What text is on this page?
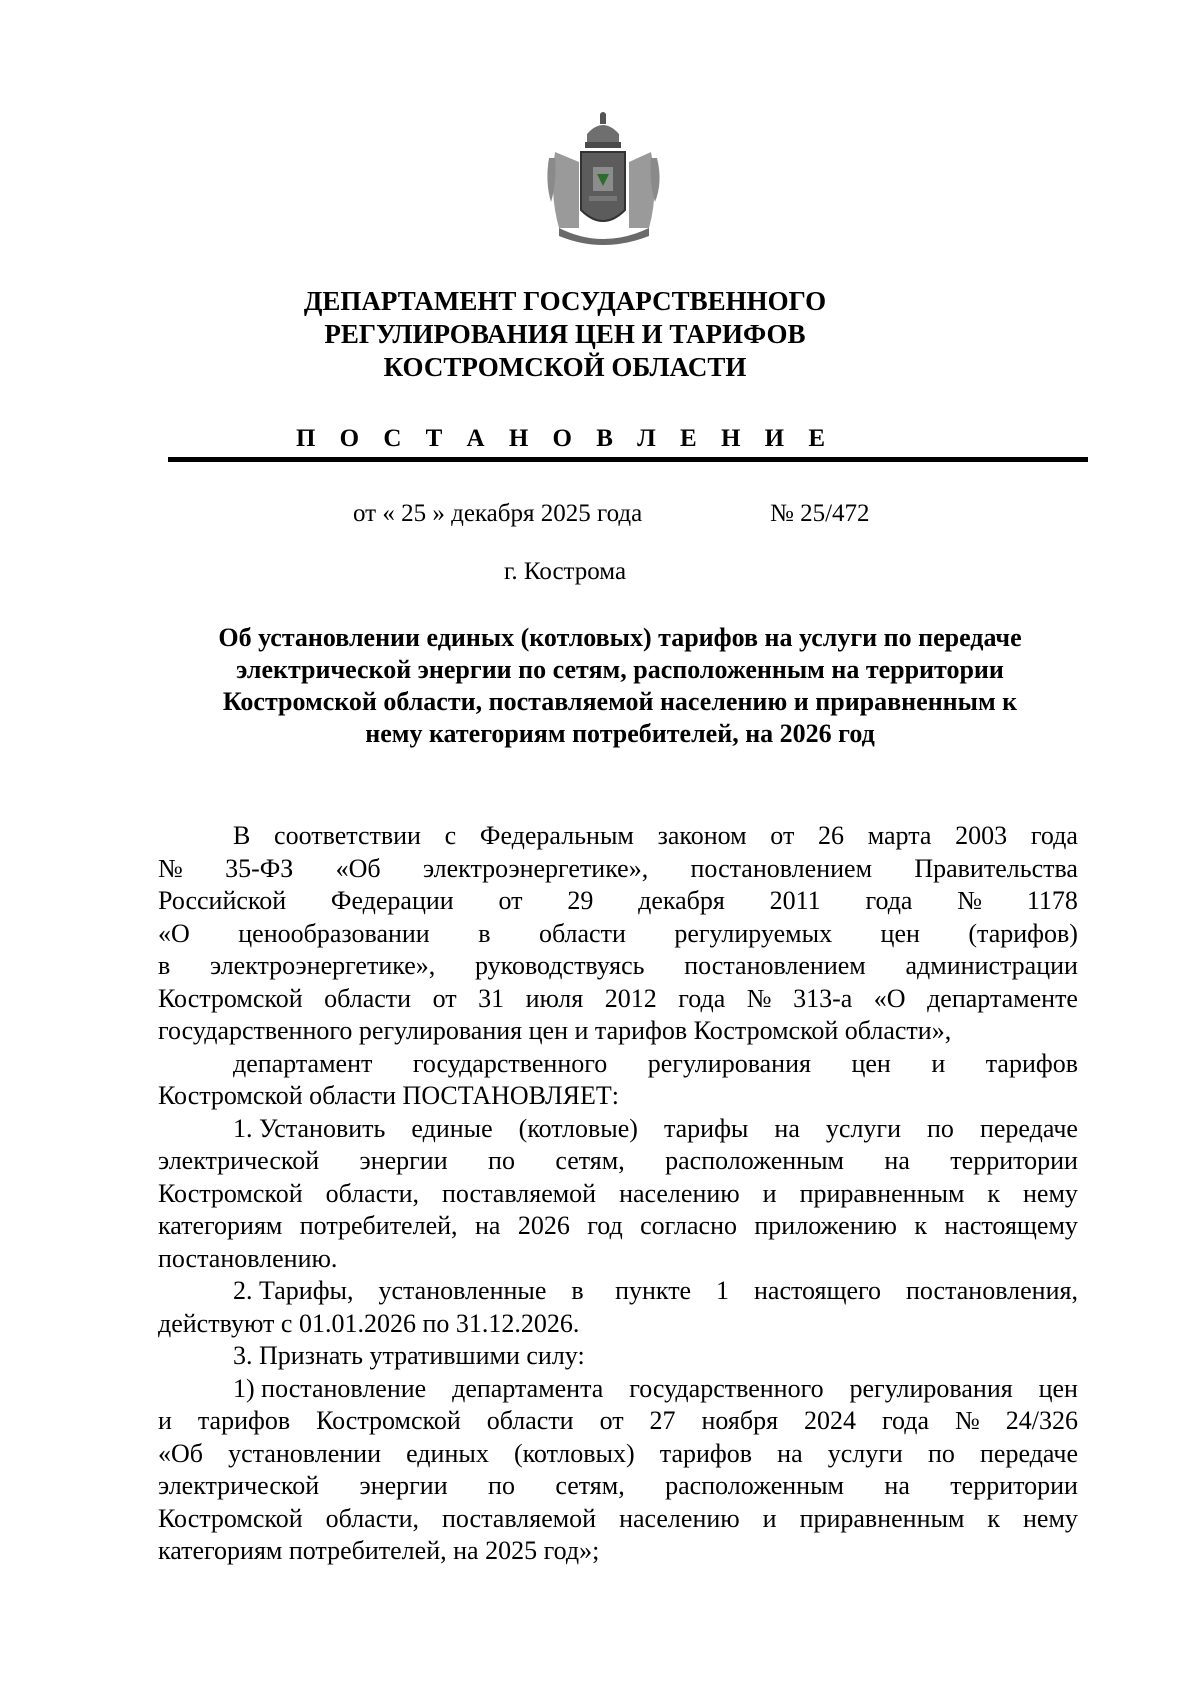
ДЕПАРТАМЕНТ ГОСУДАРСТВЕННОГО
РЕГУЛИРОВАНИЯ ЦЕН И ТАРИФОВ
КОСТРОМСКОЙ ОБЛАСТИ
П О С Т А Н О В Л Е Н И Е
от « 25 » декабря 2025 года	№ 25/472
г. Кострома
Об установлении единых (котловых) тарифов на услуги по передаче
электрической энергии по сетям, расположенным на территории
Костромской области, поставляемой населению и приравненным к
нему категориям потребителей, на 2026 год
В соответствии с Федеральным законом от 26 марта 2003 года
№ 35-ФЗ «Об электроэнергетике», постановлением Правительства
Российской Федерации от 29 декабря 2011 года № 1178
«О ценообразовании в области регулируемых цен (тарифов)
в электроэнергетике», руководствуясь постановлением администрации
Костромской области от 31 июля 2012 года № 313-а «О департаменте
государственного регулирования цен и тарифов Костромской области»,
департамент государственного регулирования цен и тарифов
Костромской области ПОСТАНОВЛЯЕТ:
1. Установить единые (котловые) тарифы на услуги по передаче
электрической энергии по сетям, расположенным на территории
Костромской области, поставляемой населению и приравненным к нему
категориям потребителей, на 2026 год согласно приложению к настоящему
постановлению.
2. Тарифы, установленные в пункте 1 настоящего постановления,
действуют с 01.01.2026 по 31.12.2026.
3. Признать утратившими силу:
1) постановление департамента государственного регулирования цен
и тарифов Костромской области от 27 ноября 2024 года № 24/326
«Об установлении единых (котловых) тарифов на услуги по передаче
электрической энергии по сетям, расположенным на территории
Костромской области, поставляемой населению и приравненным к нему
категориям потребителей, на 2025 год»;
